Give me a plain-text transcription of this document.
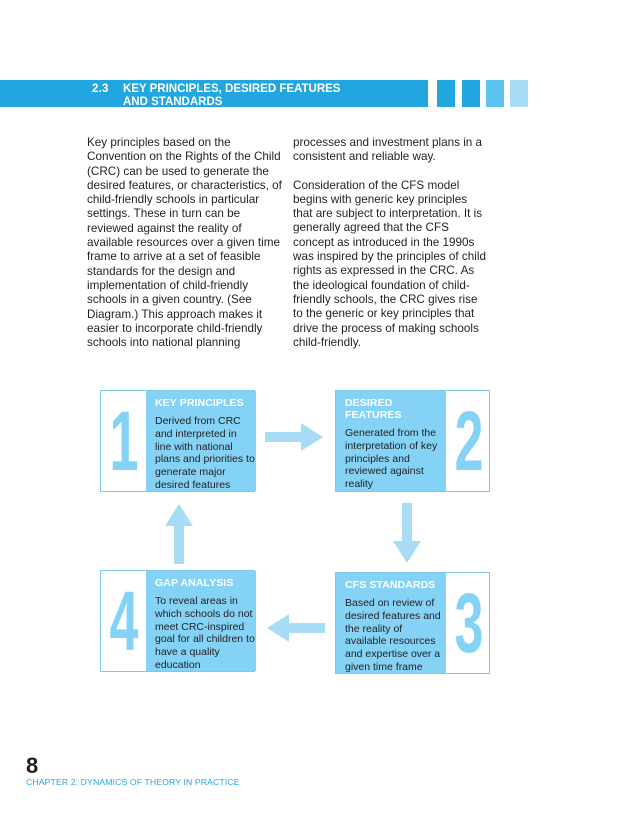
2.3 KEY PRINCIPLES, DESIRED FEATURES
AND STANDARDS

Key principles based on the Convention on the Rights of the Child (CRC) can be used to generate the desired features, or characteristics, of child-friendly schools in particular settings. These in turn can be reviewed against the reality of available resources over a given time frame to arrive at a set of feasible standards for the design and implementation of child-friendly schools in a given country. (See Diagram.) This approach makes it easier to incorporate child-friendly schools into national planning

processes and investment plans in a consistent and reliable way.

Consideration of the CFS model begins with generic key principles that are subject to interpretation. It is generally agreed that the CFS concept as introduced in the 1990s was inspired by the principles of child rights as expressed in the CRC. As the ideological foundation of child-friendly schools, the CRC gives rise to the generic or key principles that drive the process of making schools child-friendly.

1 KEY PRINCIPLES
Derived from CRC and interpreted in line with national plans and priorities to generate major desired features
DESIRED FEATURES
Generated from the interpretation of key principles and reviewed against reality 2
CFS STANDARDS
Based on review of desired features and the reality of available resources and expertise over a given time frame 3
4 GAP ANALYSIS
To reveal areas in which schools do not meet CRC-inspired goal for all children to have a quality education
8
CHAPTER 2: DYNAMICS OF THEORY IN PRACTICE
